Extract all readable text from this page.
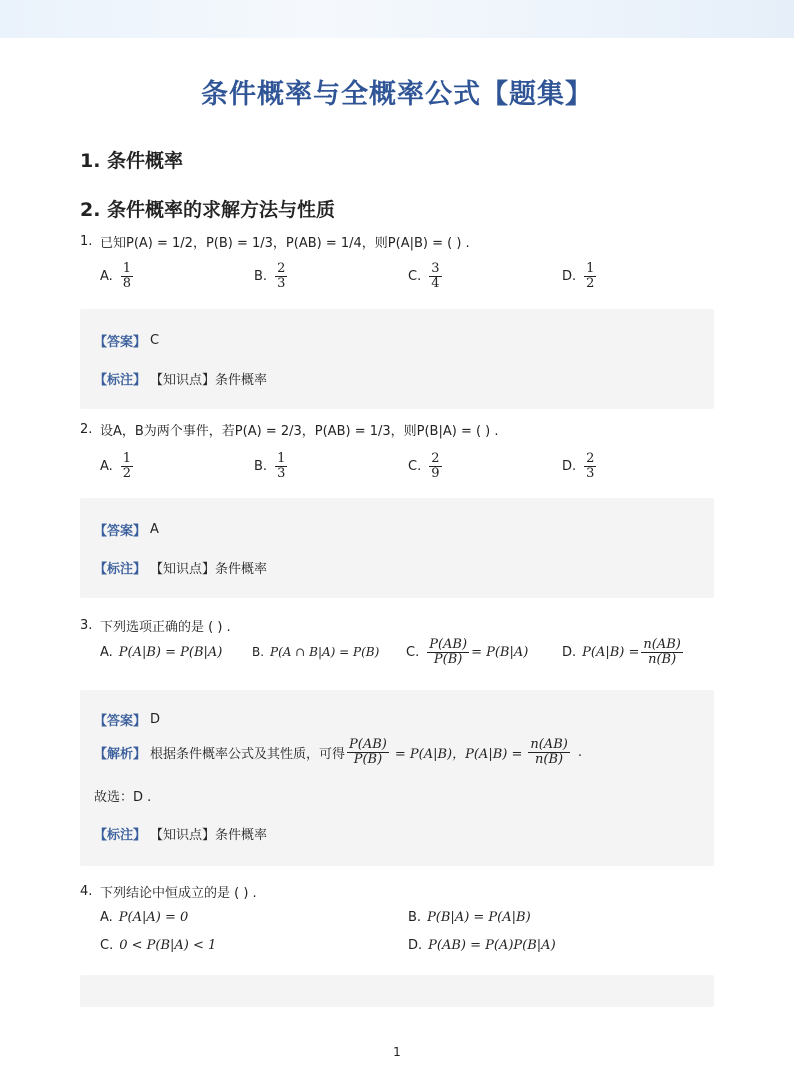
条件概率与全概率公式【题集】
1. 条件概率
2. 条件概率的求解方法与性质
1. 已知P(A) = 1/2，P(B) = 1/3，P(AB) = 1/4，则P(A|B) = ( ) .
A. $\frac{1}{8}$	B. $\frac{2}{3}$	C. $\frac{3}{4}$	D. $\frac{1}{2}$
【答案】 C
【标注】 【知识点】条件概率
2. 设A，B为两个事件，若P(A) = 2/3，P(AB) = 1/3，则P(B|A) = ( ) .
A. $\frac{1}{2}$	B. $\frac{1}{3}$	C. $\frac{2}{9}$	D. $\frac{2}{3}$
【答案】 A
【标注】 【知识点】条件概率
3. 下列选项正确的是 ( ) .
A. P(A|B) = P(B|A) B. P(A ∩ B|A) = P(B) C. $\frac{P(AB)}{P(B)} = P(B|A)$	D. $P(A|B) = \frac{n(AB)}{n(B)}$
【答案】 D
【解析】 根据条件概率公式及其性质，可得 $\frac{P(AB)}{P(B)} = P(A|B)$，$P(A|B) = \frac{n(AB)}{n(B)}$ .
故选：D .
【标注】 【知识点】条件概率
4. 下列结论中恒成立的是 ( ) .
A. P(A|A) = 0	B. P(B|A) = P(A|B)
C. 0 < P(B|A) < 1	D. P(AB) = P(A)P(B|A)
1
